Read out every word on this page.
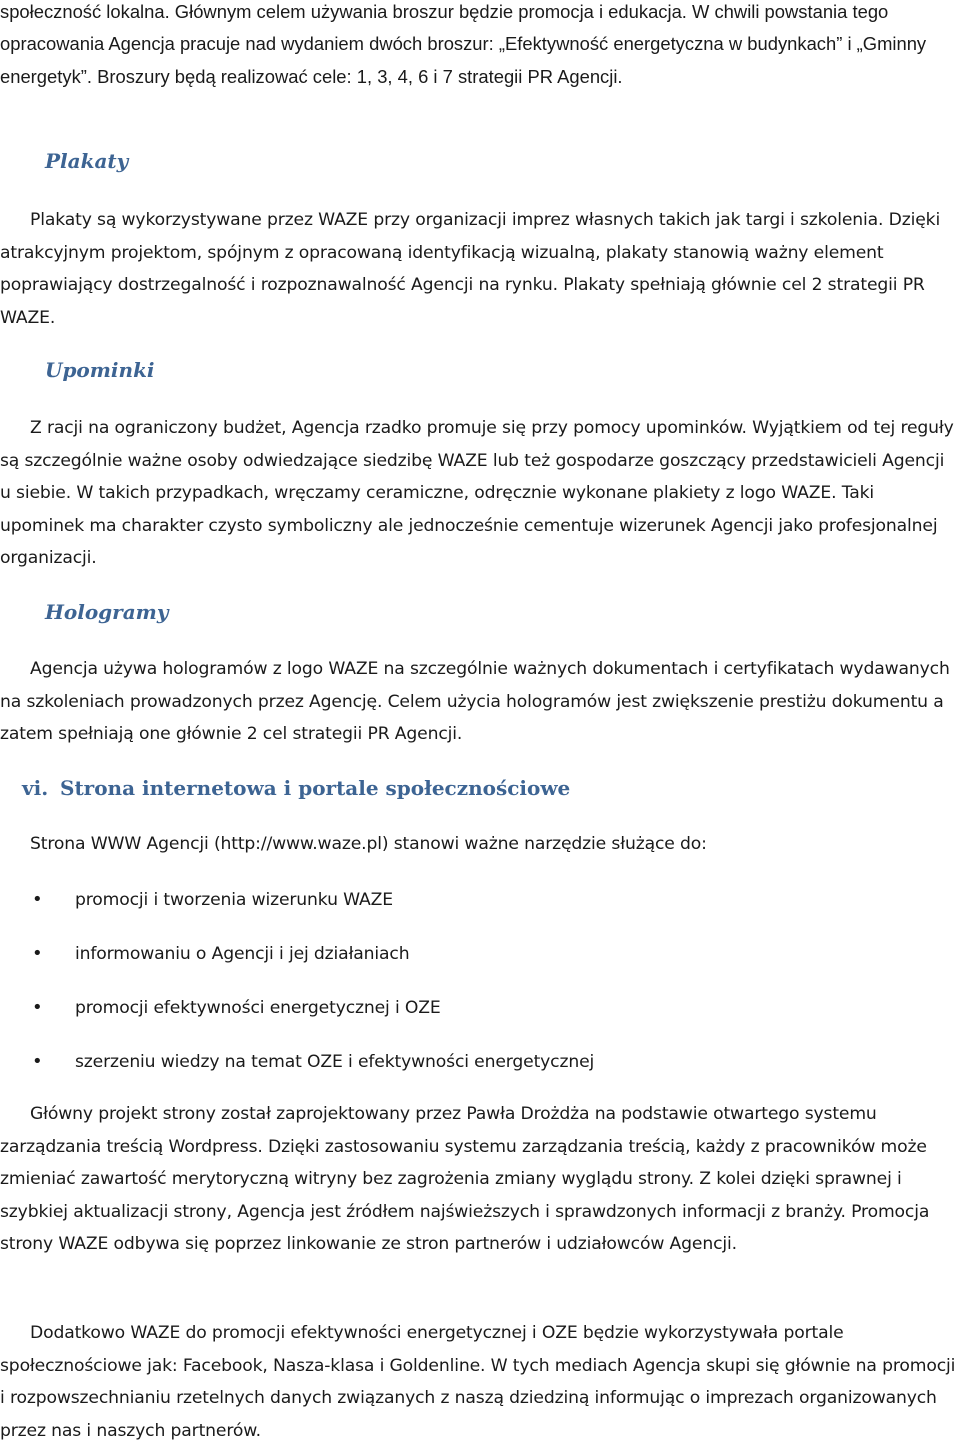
społeczność lokalna. Głównym celem używania broszur będzie promocja i edukacja. W chwili powstania tego opracowania Agencja pracuje nad wydaniem dwóch broszur: „Efektywność energetyczna w budynkach” i „Gminny energetyk”. Broszury będą realizować cele: 1, 3, 4, 6 i 7 strategii PR Agencji.

Plakaty

Plakaty są wykorzystywane przez WAZE przy organizacji imprez własnych takich jak targi i szkolenia. Dzięki atrakcyjnym projektom, spójnym z opracowaną identyfikacją wizualną, plakaty stanowią ważny element poprawiający dostrzegalność i rozpoznawalność Agencji na rynku. Plakaty spełniają głównie cel 2 strategii PR WAZE.

Upominki

Z racji na ograniczony budżet, Agencja rzadko promuje się przy pomocy upominków. Wyjątkiem od tej reguły są szczególnie ważne osoby odwiedzające siedzibę WAZE lub też gospodarze goszczący przedstawicieli Agencji u siebie. W takich przypadkach, wręczamy ceramiczne, odręcznie wykonane plakiety z logo WAZE. Taki upominek ma charakter czysto symboliczny ale jednocześnie cementuje wizerunek Agencji jako profesjonalnej organizacji.

Hologramy

Agencja używa hologramów z logo WAZE na szczególnie ważnych dokumentach i certyfikatach wydawanych na szkoleniach prowadzonych przez Agencję. Celem użycia hologramów jest zwiększenie prestiżu dokumentu a zatem spełniają one głównie 2 cel strategii PR Agencji.

vi. Strona internetowa i portale społecznościowe

Strona WWW Agencji (http://www.waze.pl) stanowi ważne narzędzie służące do:

• promocji i tworzenia wizerunku WAZE
• informowaniu o Agencji i jej działaniach
• promocji efektywności energetycznej i OZE
• szerzeniu wiedzy na temat OZE i efektywności energetycznej

Główny projekt strony został zaprojektowany przez Pawła Drożdża na podstawie otwartego systemu zarządzania treścią Wordpress. Dzięki zastosowaniu systemu zarządzania treścią, każdy z pracowników może zmieniać zawartość merytoryczną witryny bez zagrożenia zmiany wyglądu strony. Z kolei dzięki sprawnej i szybkiej aktualizacji strony, Agencja jest źródłem najświeższych i sprawdzonych informacji z branży. Promocja strony WAZE odbywa się poprzez linkowanie ze stron partnerów i udziałowców Agencji.

Dodatkowo WAZE do promocji efektywności energetycznej i OZE będzie wykorzystywała portale społecznościowe jak: Facebook, Nasza-klasa i Goldenline. W tych mediach Agencja skupi się głównie na promocji i rozpowszechnianiu rzetelnych danych związanych z naszą dziedziną informując o imprezach organizowanych przez nas i naszych partnerów.
